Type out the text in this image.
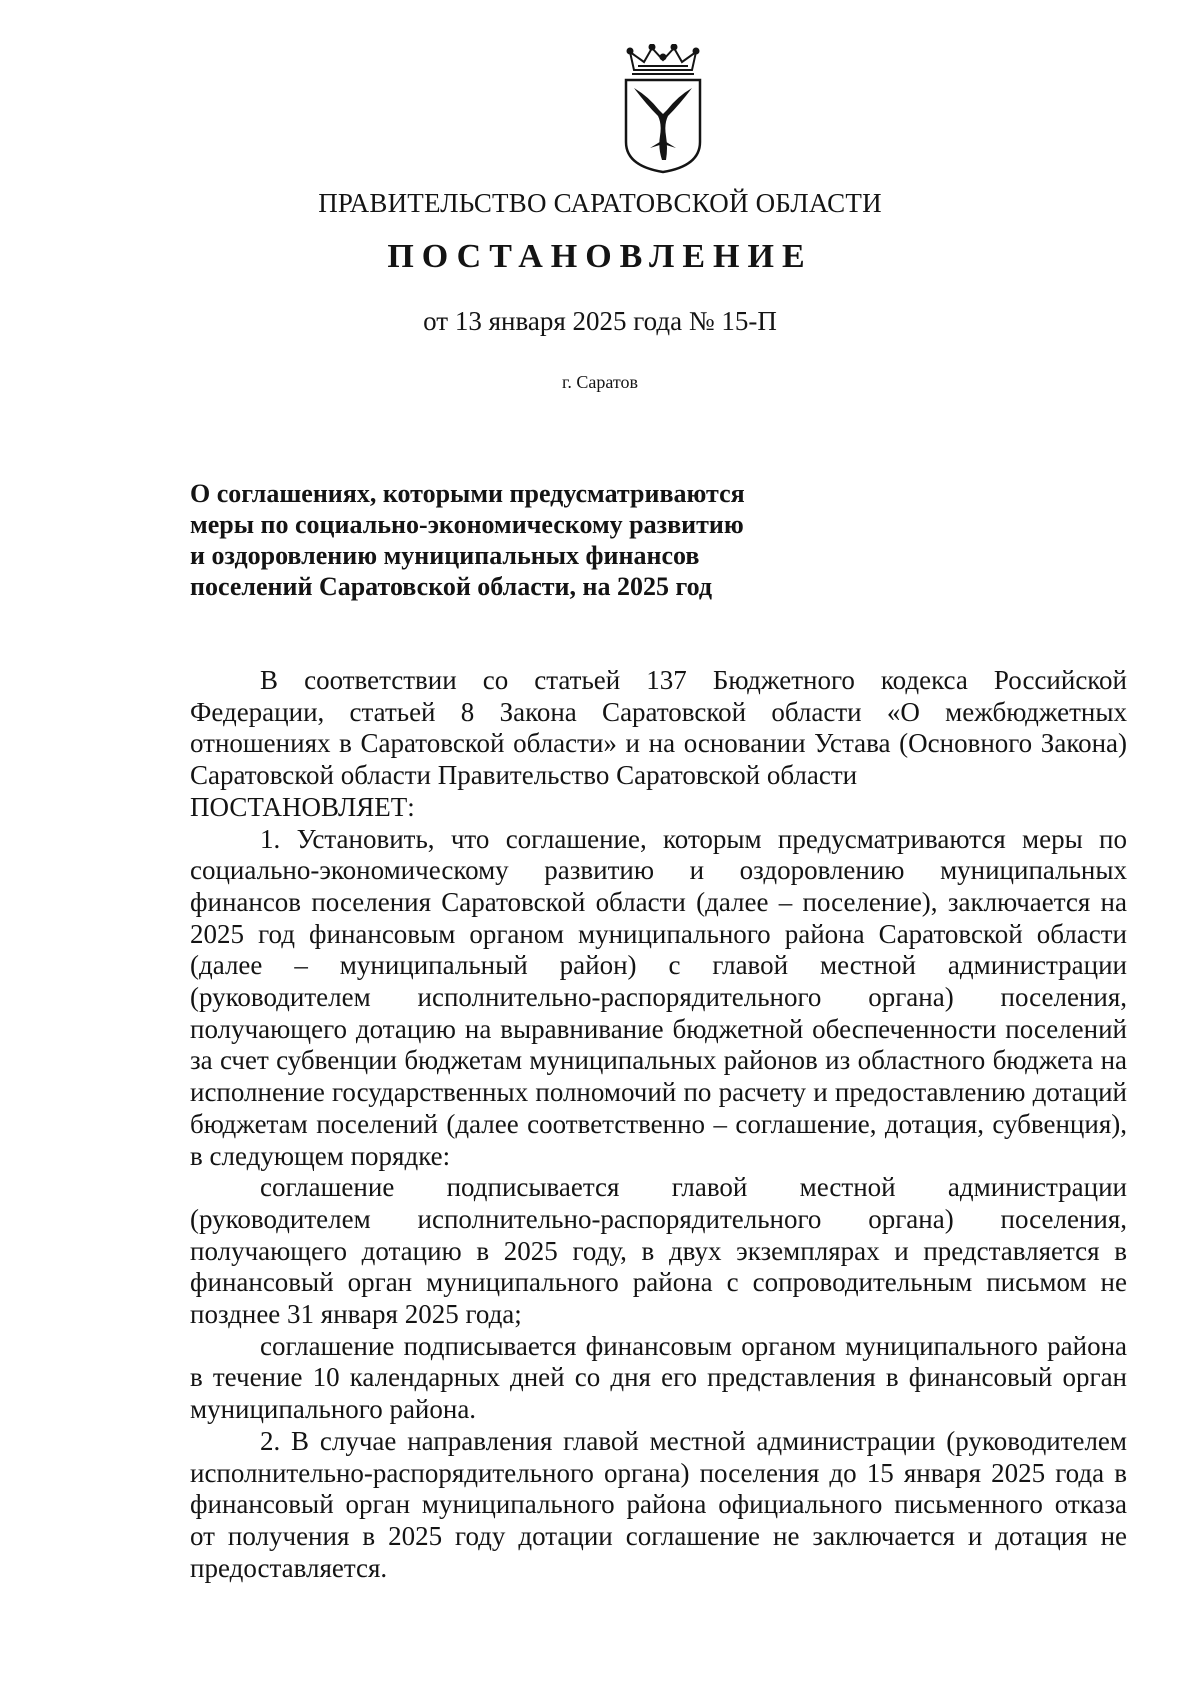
ПРАВИТЕЛЬСТВО САРАТОВСКОЙ ОБЛАСТИ
ПОСТАНОВЛЕНИЕ
от 13 января 2025 года № 15-П
г. Саратов
О соглашениях, которыми предусматриваются
меры по социально-экономическому развитию
и оздоровлению муниципальных финансов
поселений Саратовской области, на 2025 год

В соответствии со статьей 137 Бюджетного кодекса Российской Федерации, статьей 8 Закона Саратовской области «О межбюджетных отношениях в Саратовской области» и на основании Устава (Основного Закона) Саратовской области Правительство Саратовской области

ПОСТАНОВЛЯЕТ:

1. Установить, что соглашение, которым предусматриваются меры по социально-экономическому развитию и оздоровлению муниципальных финансов поселения Саратовской области (далее – поселение), заключается на 2025 год финансовым органом муниципального района Саратовской области (далее – муниципальный район) с главой местной администрации (руководителем исполнительно-распорядительного органа) поселения, получающего дотацию на выравнивание бюджетной обеспеченности поселений за счет субвенции бюджетам муниципальных районов из областного бюджета на исполнение государственных полномочий по расчету и предоставлению дотаций бюджетам поселений (далее соответственно – соглашение, дотация, субвенция), в следующем порядке:

соглашение подписывается главой местной администрации (руководителем исполнительно-распорядительного органа) поселения, получающего дотацию в 2025 году, в двух экземплярах и представляется в финансовый орган муниципального района с сопроводительным письмом не позднее 31 января 2025 года;

соглашение подписывается финансовым органом муниципального района в течение 10 календарных дней со дня его представления в финансовый орган муниципального района.

2. В случае направления главой местной администрации (руководителем исполнительно-распорядительного органа) поселения до 15 января 2025 года в финансовый орган муниципального района официального письменного отказа от получения в 2025 году дотации соглашение не заключается и дотация не предоставляется.
